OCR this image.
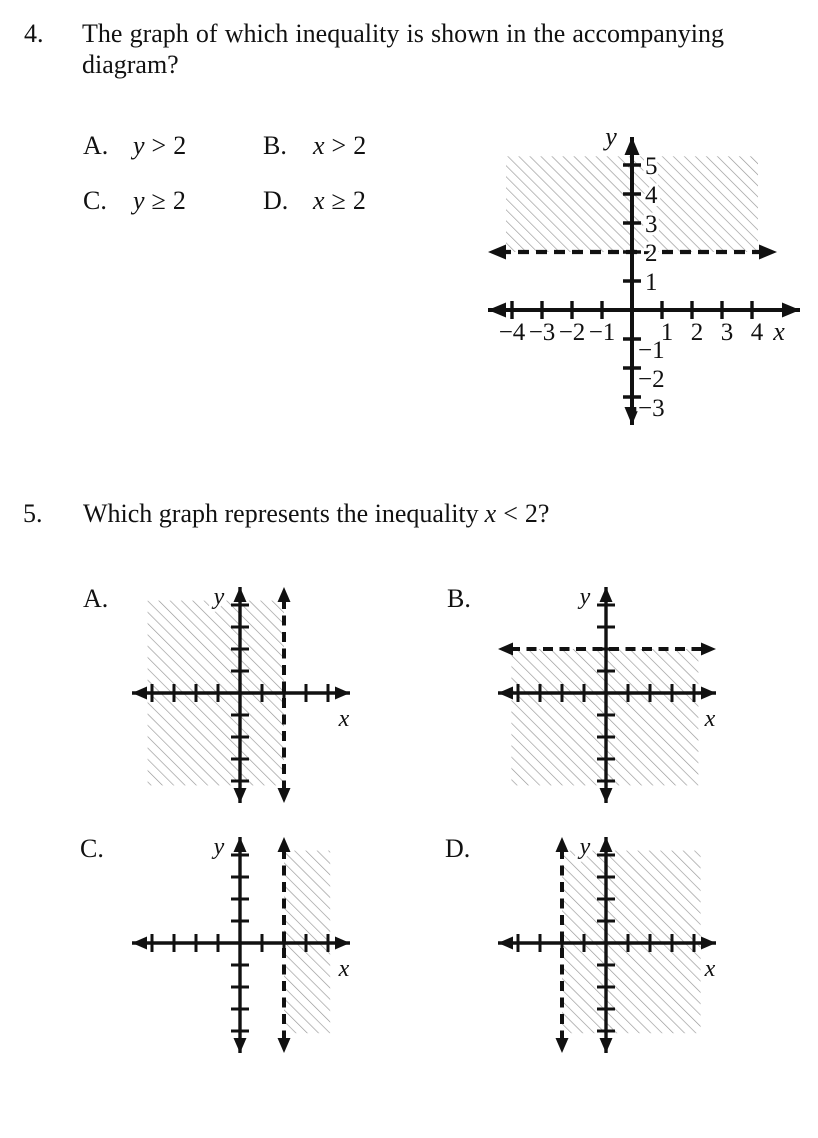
4. The graph of which inequality is shown in the accompanying
diagram?
A. y > 2	B. x > 2
C. y ≥ 2	D. x ≥ 2
−4 −3 −2 −1 1 2 3 4
5
4
3
2
1
−1
−2
−3
x
y
5. Which graph represents the inequality x < 2?
A.	B.
C.	D.
x
y
x
y
x
y
x
y
